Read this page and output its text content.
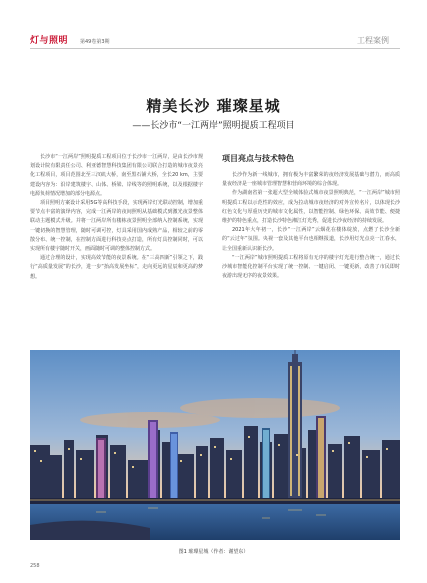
灯与照明 第49卷第3期	工程案例
精美长沙 璀璨星城
——长沙市“一江两岸”照明提质工程项目

长沙市“一江两岸”照明提质工程项目位于长沙市一江两岸，是由长沙市规划设计院有限责任公司、利亚德智慧科技集团有限公司联合打造的城市夜景亮化工程项目，项目范围北至三汊矶大桥，南至黑石铺大桥，全长20 km，主要建设内容为：沿岸建筑楼宇、山体、桥梁、岸线等的照明系统，以及根据楼宇电源负荷情况增加的部分电源点。

项目照明方案设计采用5G等高科技手段，实现两岸灯光联动控制，增加重要节点丰富的演绎内容，完成一江两岸的夜间照明从基础模式到激光夜景整体联动主题模式升级。并将一江两岸所有楼栋夜景照明全部纳入控制系统，实现一键切换的智慧管理，随时可调可控，灯具采用国内成熟产品，相较之前的零散分布、统一控制，在控制方面进行科技亮点打造，所有灯具控制同时，可以实现所有楼宇随时开关，画面随时可调的整体控制方式。

通过合理的设计，实现高效节能的夜景系统。在“三高四新”引领之下，践行“高质量发展”的长沙，进一步“抬高发展坐标”，走向更远的星辰和更高的梦想。

项目亮点与技术特色

长沙作为新一线城市，拥有极为丰富繁荣的夜经济发展基础与潜力，而高质量夜经济是一座城市管理智慧和营商环境的综合体现。

作为湖南省第一张超大型全城体验式城市夜景照明典范，“一江两岸”城市照明提质工程以示范性的效应，成为拉动城市夜经济的对外宣传名片，以体现长沙红色文化与厚重历史的城市文化属性，以智能控制、绿色环保、高效节能、便捷维护的特色重点，打造长沙特色湘江灯光秀，促进长沙夜经济的持续发展。

2021年大年初一，长沙“一江两岸”云烟花在楼体绽放，点燃了长沙全新的“云过年”氛围。央视一套及其他平台也相继报道，长沙用灯光点亮一江春水，让全国重新认识新长沙。

“一江两岸”城市照明提质工程将原有无序的楼宇灯光进行整合统一，通过长沙城市智能化控制平台实现了统一控制、一键启闭、一键更新，改善了市民即时夜游出现无序的夜景效果。

图1 璀璨星城（作者：谢望东）
258
